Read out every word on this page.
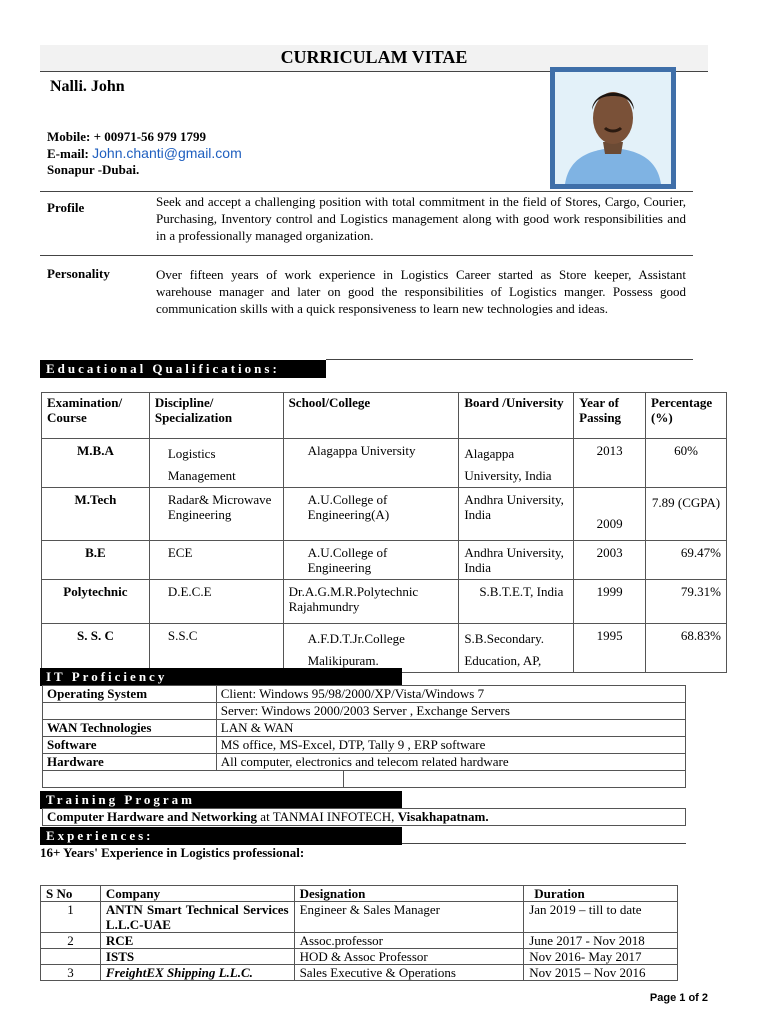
CURRICULAM VITAE
Nalli. John
Mobile: + 00971-56 979 1799
E-mail: John.chanti@gmail.com
Sonapur -Dubai.
Profile	Seek and accept a challenging position with total commitment in the field of Stores, Cargo, Courier, Purchasing, Inventory control and Logistics management along with good work responsibilities and in a professionally managed organization.
Personality	Over fifteen years of work experience in Logistics Career started as Store keeper, Assistant warehouse manager and later on good the responsibilities of Logistics manger. Possess good communication skills with a quick responsiveness to learn new technologies and ideas.
Educational Qualifications:
Examination/ Course	Discipline/ Specialization	School/College	Board /University	Year of Passing	Percentage (%)
M.B.A	Logistics Management	Alagappa University	Alagappa University, India	2013	60%
M.Tech	Radar& Microwave Engineering	A.U.College of Engineering(A)	Andhra University, India	2009	7.89 (CGPA)
B.E	ECE	A.U.College of Engineering	Andhra University, India	2003	69.47%
Polytechnic	D.E.C.E	Dr.A.G.M.R.Polytechnic Rajahmundry	S.B.T.E.T, India	1999	79.31%
S. S. C	S.S.C	A.F.D.T.Jr.College Malikipuram.	S.B.Secondary. Education, AP,	1995	68.83%
IT Proficiency
Operating System	Client: Windows 95/98/2000/XP/Vista/Windows 7
	Server: Windows 2000/2003 Server , Exchange Servers
WAN Technologies	LAN & WAN
Software	MS office, MS-Excel, DTP, Tally 9 , ERP software
Hardware	All computer, electronics and telecom related hardware

Training Program
Computer Hardware and Networking at TANMAI INFOTECH, Visakhapatnam.
Experiences:
16+ Years' Experience in Logistics professional:
S No	Company	Designation	Duration
1	ANTN Smart Technical Services L.L.C-UAE	Engineer & Sales Manager	Jan 2019 – till to date
2	RCE	Assoc.professor	June 2017 - Nov 2018
	ISTS	HOD & Assoc Professor	Nov 2016- May 2017
3	FreightEX Shipping L.L.C.	Sales Executive & Operations	Nov 2015 – Nov 2016
Page 1 of 2
